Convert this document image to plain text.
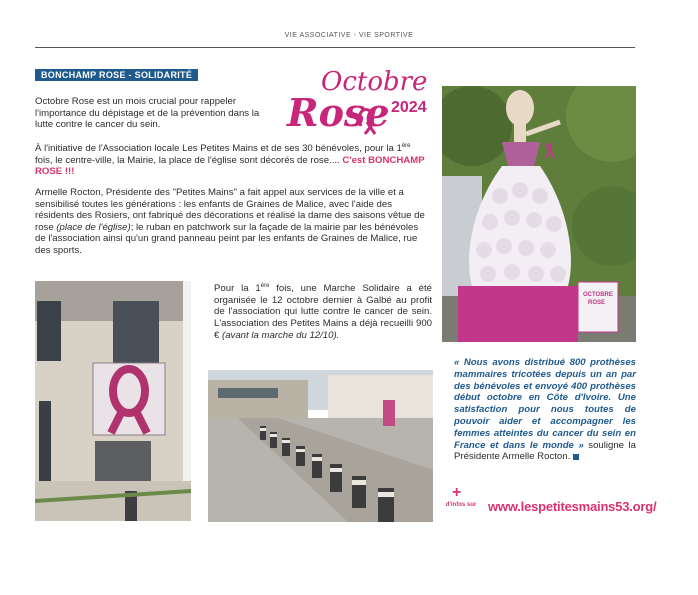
VIE ASSOCIATIVE - VIE SPORTIVE
BONCHAMP ROSE - SOLIDARITÉ	Octobre
Rose 2024
Octobre Rose est un mois crucial pour rappeler l'importance du dépistage et de la prévention dans la lutte contre le cancer du sein.
À l'initiative de l'Association locale Les Petites Mains et de ses 30 bénévoles, pour la 1ère fois, le centre-ville, la Mairie, la place de l'église sont décorés de rose.... C'est BONCHAMP ROSE !!!
Armelle Rocton, Présidente des "Petites Mains" a fait appel aux services de la ville et a sensibilisé toutes les générations : les enfants de Graines de Malice, avec l'aide des résidents des Rosiers, ont fabriqué des décorations et réalisé la dame des saisons vêtue de rose (place de l'église); le ruban en patchwork sur la façade de la mairie par les bénévoles de l'association ainsi qu'un grand panneau peint par les enfants de Graines de Malice, rue des sports.
Pour la 1ère fois, une Marche Solidaire a été organisée le 12 octobre dernier à Galbé au profit de l'association qui lutte contre le cancer de sein. L'association des Petites Mains a déjà recueilli 900 € (avant la marche du 12/10).
OCTOBRE
ROSE
« Nous avons distribué 800 prothèses mammaires tricotées depuis un an par des bénévoles et envoyé 400 prothèses début octobre en Côte d'Ivoire. Une satisfaction pour nous toutes de pouvoir aider et accompagner les femmes atteintes du cancer du sein en France et dans le monde » souligne la Présidente Armelle Rocton.
+
d'infos sur www.lespetitesmains53.org/
